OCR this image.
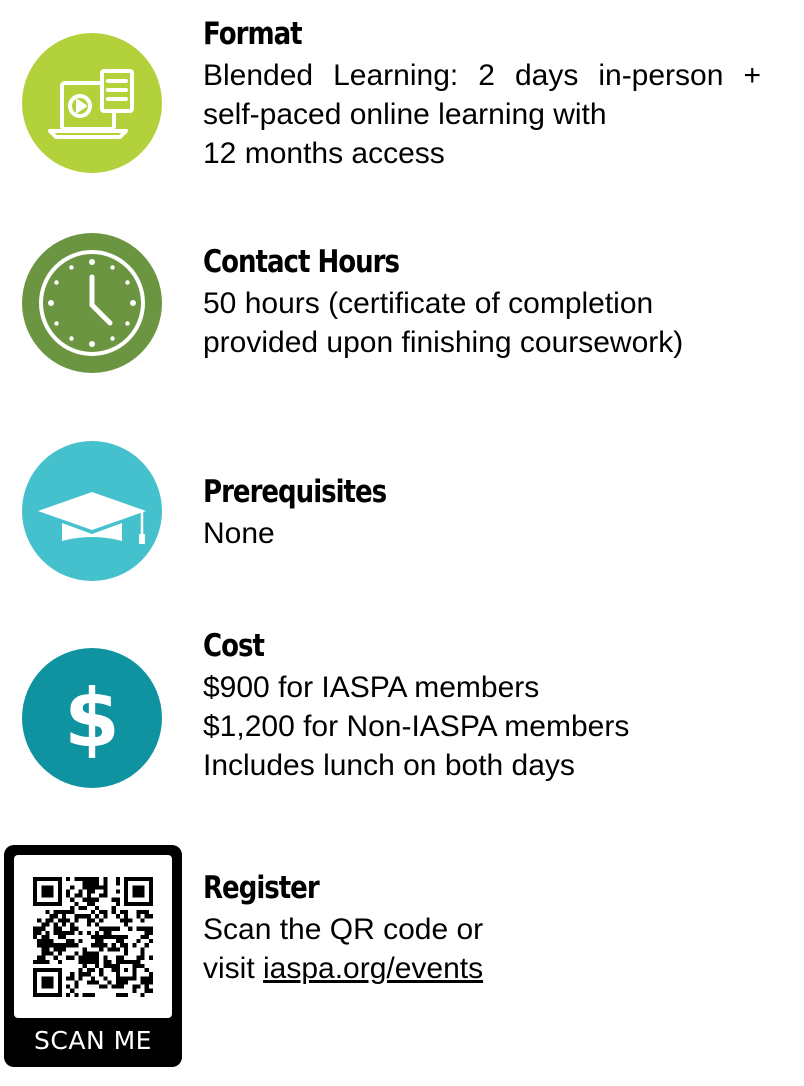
Format
Blended Learning: 2 days in-person +
self-paced online learning with
12 months access
Contact Hours
50 hours (certificate of completion
provided upon finishing coursework)
Prerequisites
None
$
Cost
$900 for IASPA members
$1,200 for Non-IASPA members
Includes lunch on both days
SCAN ME
Register
Scan the QR code or
visit iaspa.org/events
